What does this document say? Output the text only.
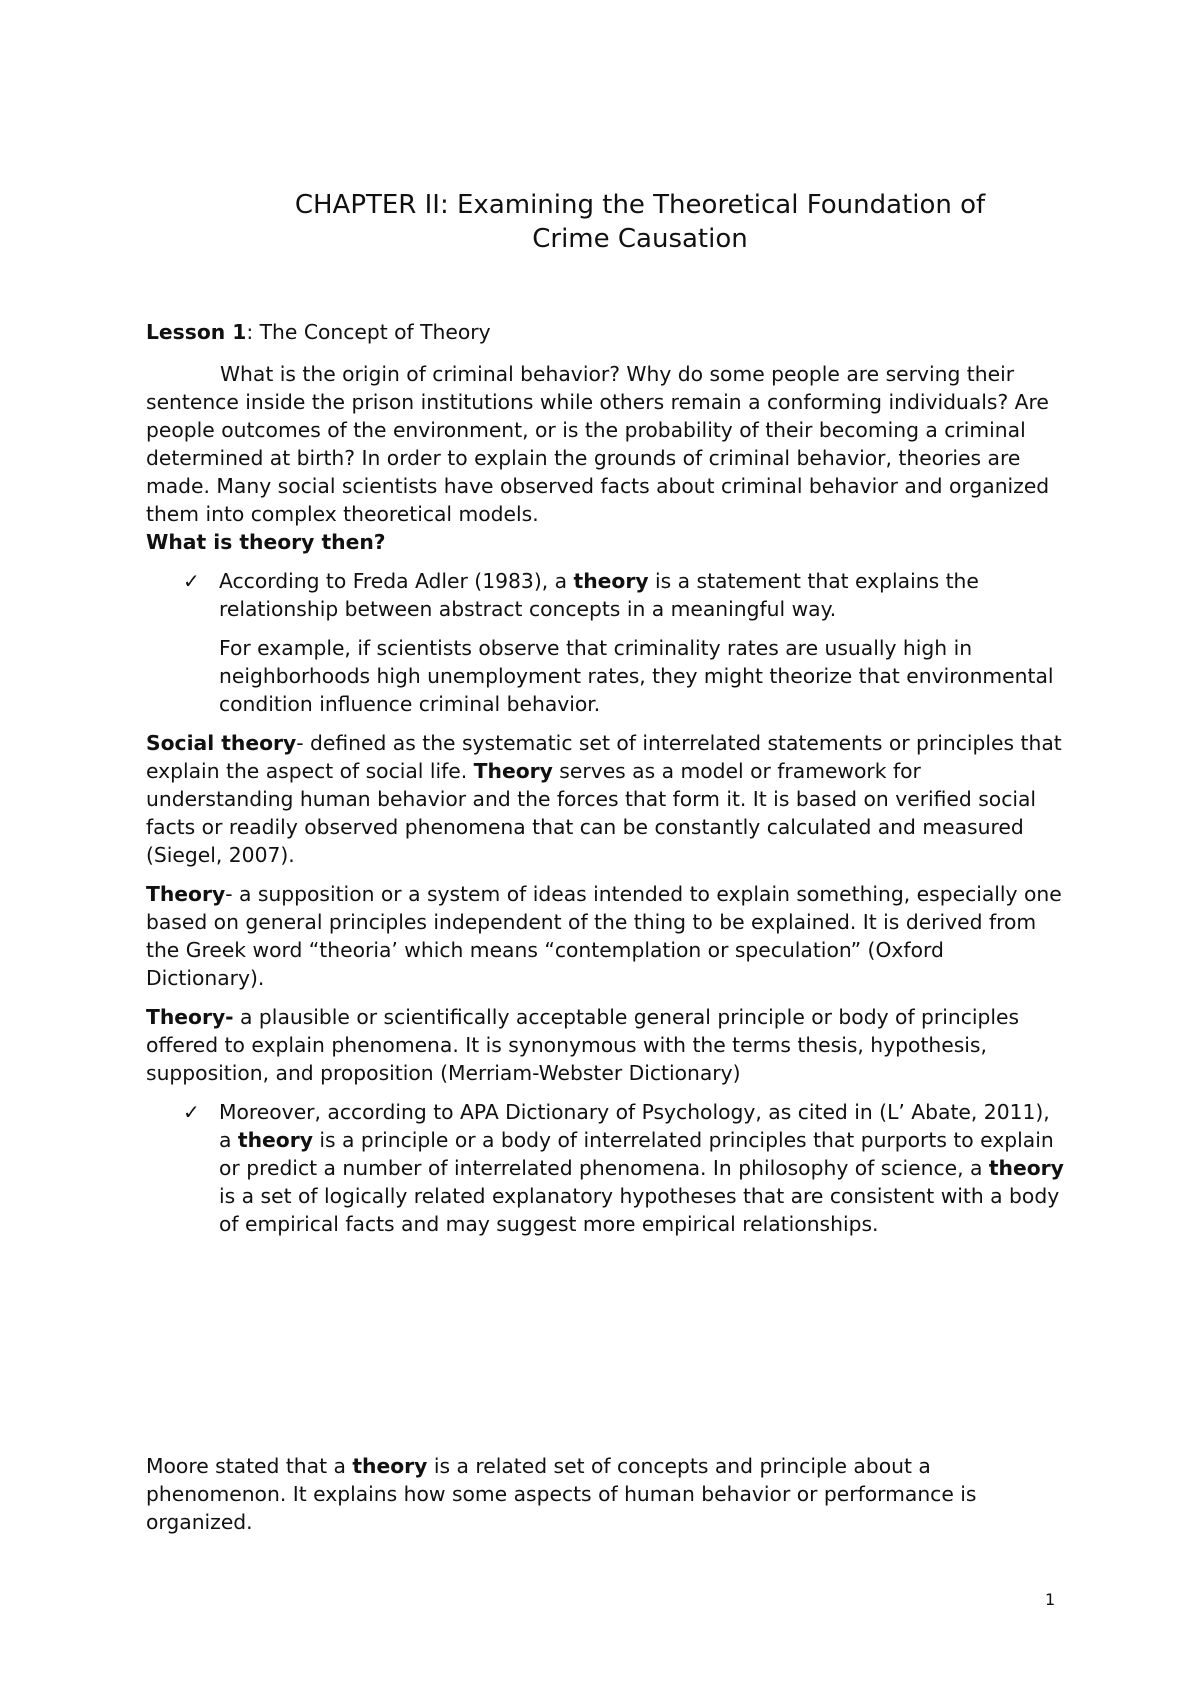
CHAPTER II: Examining the Theoretical Foundation of
Crime Causation

Lesson 1: The Concept of Theory

What is the origin of criminal behavior? Why do some people are serving their sentence inside the prison institutions while others remain a conforming individuals? Are people outcomes of the environment, or is the probability of their becoming a criminal determined at birth? In order to explain the grounds of criminal behavior, theories are made. Many social scientists have observed facts about criminal behavior and organized them into complex theoretical models.

What is theory then?

✓ According to Freda Adler (1983), a theory is a statement that explains the relationship between abstract concepts in a meaningful way.

For example, if scientists observe that criminality rates are usually high in neighborhoods high unemployment rates, they might theorize that environmental condition influence criminal behavior.

Social theory- defined as the systematic set of interrelated statements or principles that explain the aspect of social life. Theory serves as a model or framework for understanding human behavior and the forces that form it. It is based on verified social facts or readily observed phenomena that can be constantly calculated and measured (Siegel, 2007).

Theory- a supposition or a system of ideas intended to explain something, especially one based on general principles independent of the thing to be explained. It is derived from the Greek word “theoria’ which means “contemplation or speculation” (Oxford Dictionary).

Theory- a plausible or scientifically acceptable general principle or body of principles offered to explain phenomena. It is synonymous with the terms thesis, hypothesis, supposition, and proposition (Merriam-Webster Dictionary)

✓ Moreover, according to APA Dictionary of Psychology, as cited in (L’ Abate, 2011), a theory is a principle or a body of interrelated principles that purports to explain or predict a number of interrelated phenomena. In philosophy of science, a theory is a set of logically related explanatory hypotheses that are consistent with a body of empirical facts and may suggest more empirical relationships.

Moore stated that a theory is a related set of concepts and principle about a phenomenon. It explains how some aspects of human behavior or performance is organized.

1
